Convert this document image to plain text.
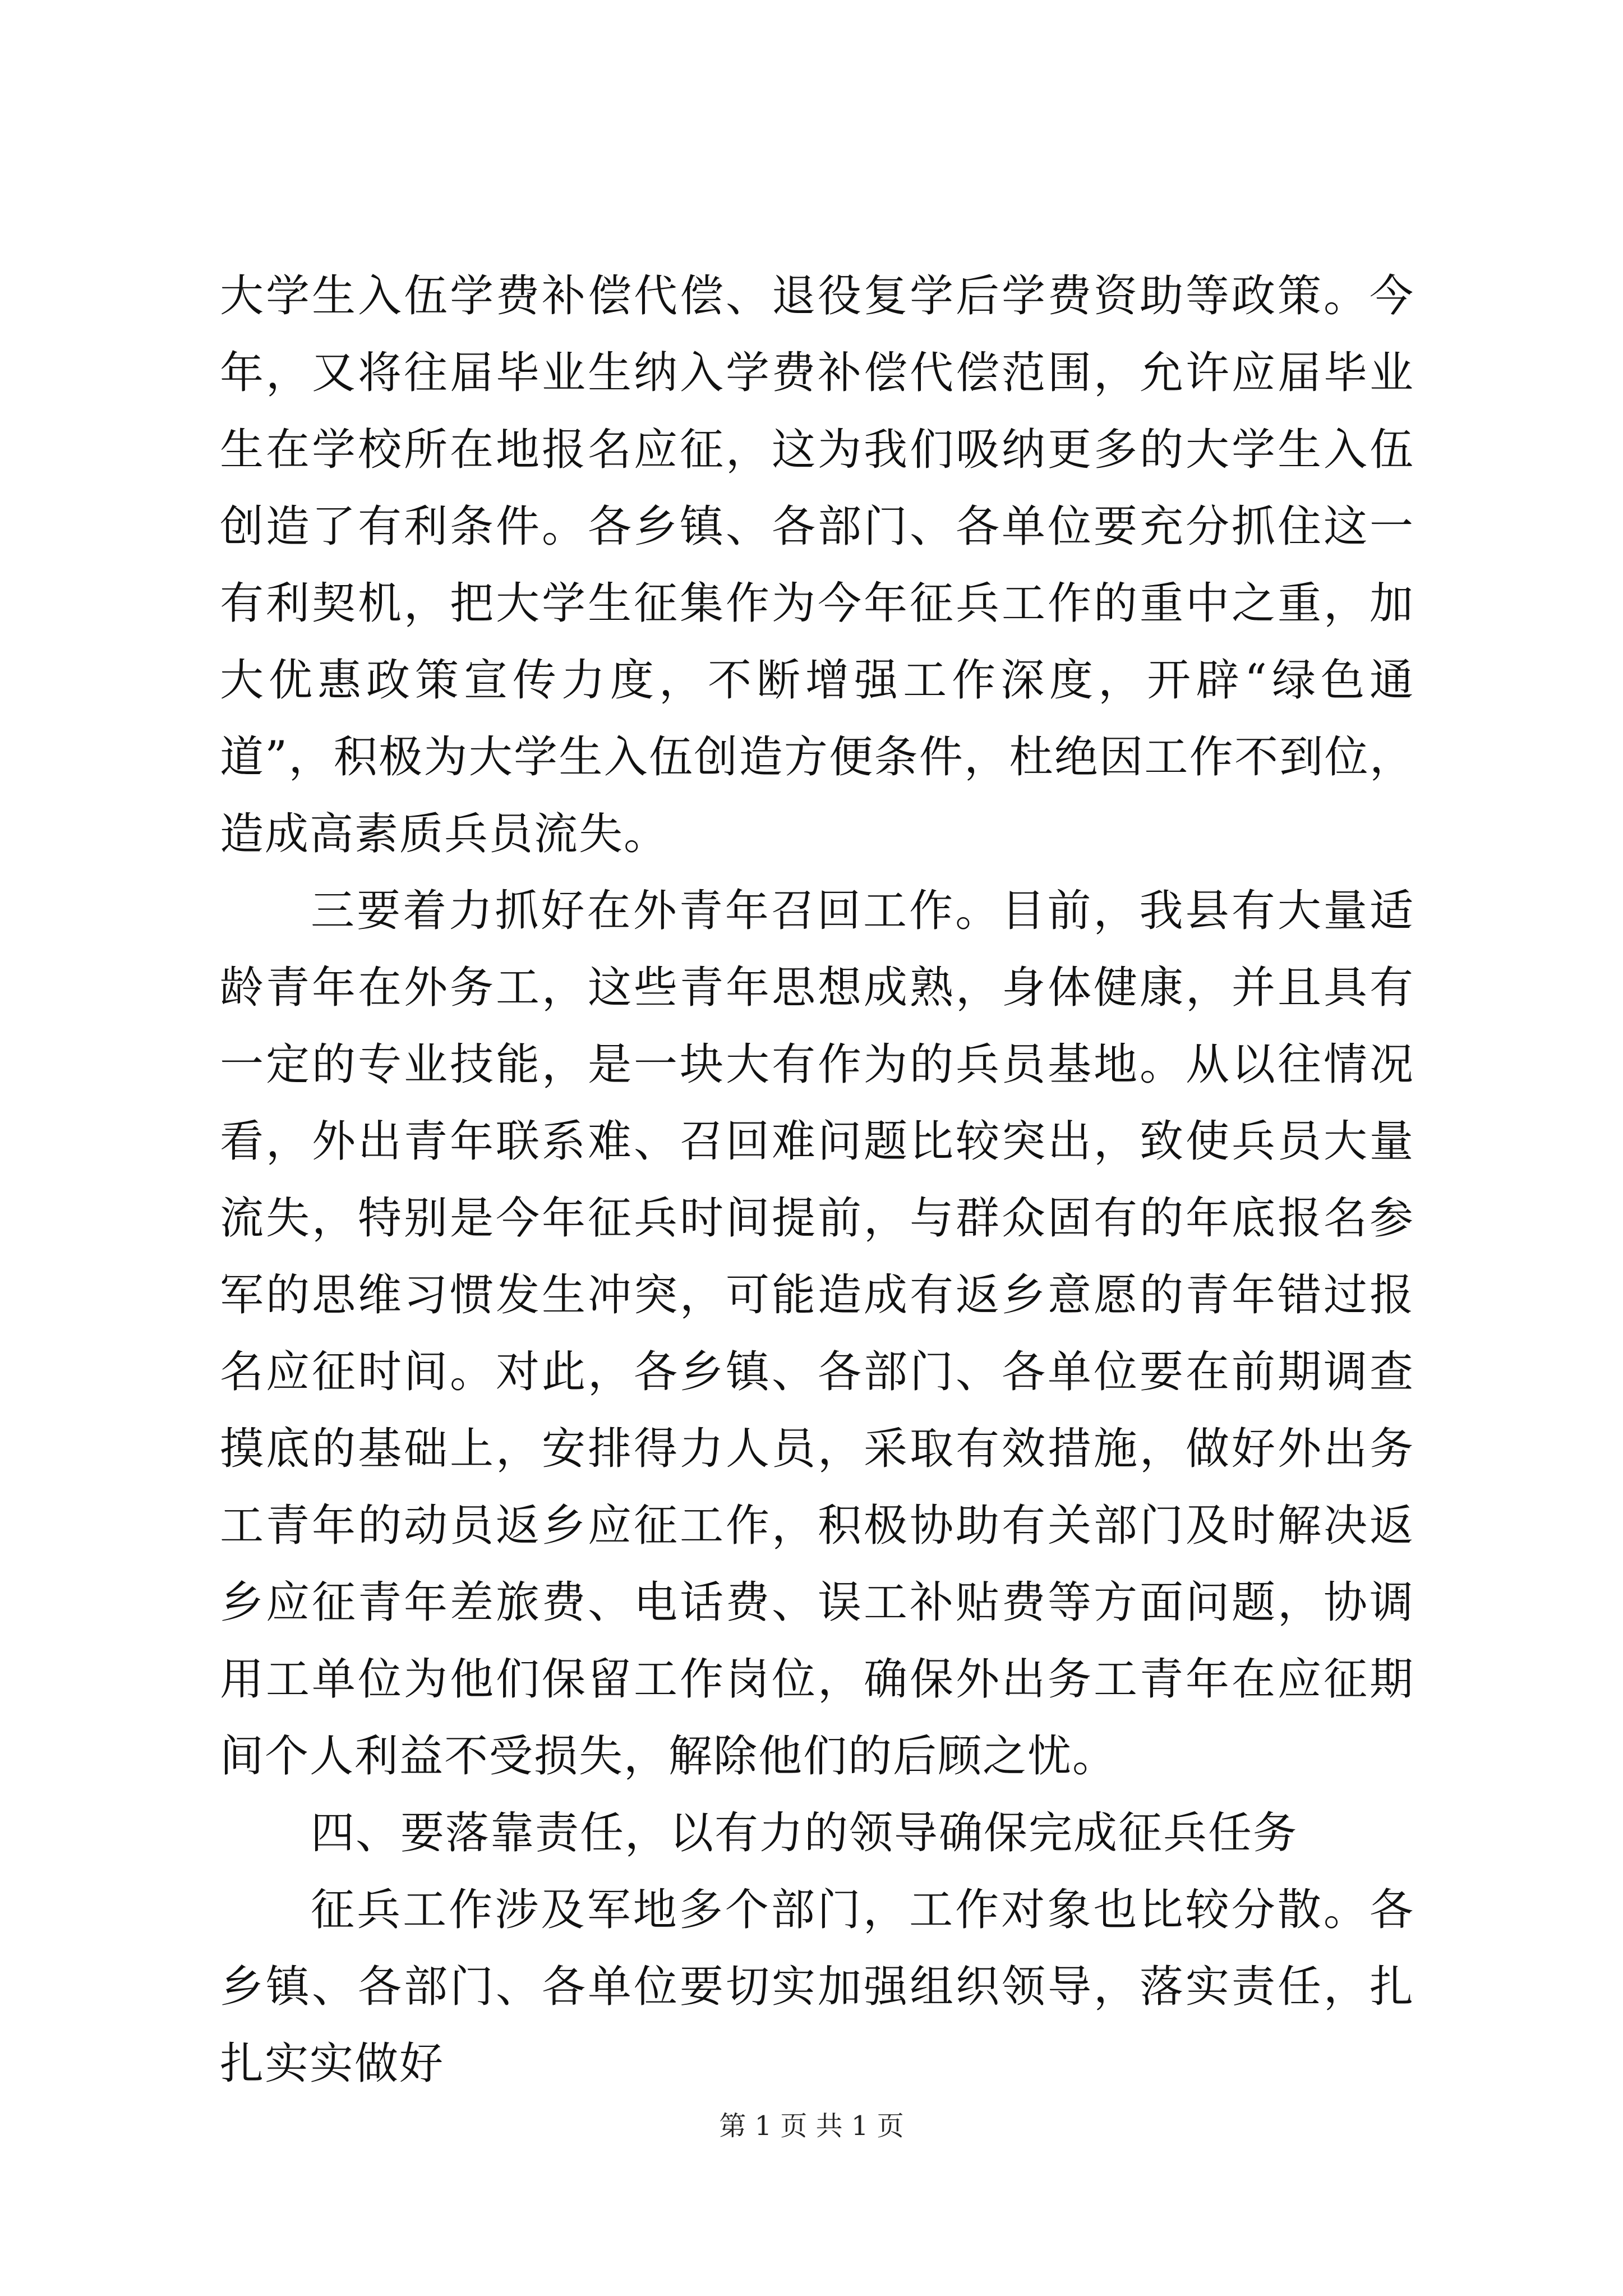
大学生入伍学费补偿代偿、退役复学后学费资助等政策。今年，又将往届毕业生纳入学费补偿代偿范围，允许应届毕业生在学校所在地报名应征，这为我们吸纳更多的大学生入伍创造了有利条件。各乡镇、各部门、各单位要充分抓住这一有利契机，把大学生征集作为今年征兵工作的重中之重，加大优惠政策宣传力度，不断增强工作深度，开辟“绿色通道”，积极为大学生入伍创造方便条件，杜绝因工作不到位，造成高素质兵员流失。

三要着力抓好在外青年召回工作。目前，我县有大量适龄青年在外务工，这些青年思想成熟，身体健康，并且具有一定的专业技能，是一块大有作为的兵员基地。从以往情况看，外出青年联系难、召回难问题比较突出，致使兵员大量流失，特别是今年征兵时间提前，与群众固有的年底报名参军的思维习惯发生冲突，可能造成有返乡意愿的青年错过报名应征时间。对此，各乡镇、各部门、各单位要在前期调查摸底的基础上，安排得力人员，采取有效措施，做好外出务工青年的动员返乡应征工作，积极协助有关部门及时解决返乡应征青年差旅费、电话费、误工补贴费等方面问题，协调用工单位为他们保留工作岗位，确保外出务工青年在应征期间个人利益不受损失，解除他们的后顾之忧。

四、要落靠责任，以有力的领导确保完成征兵任务

征兵工作涉及军地多个部门，工作对象也比较分散。各乡镇、各部门、各单位要切实加强组织领导，落实责任，扎扎实实做好

第 1 页 共 1 页
